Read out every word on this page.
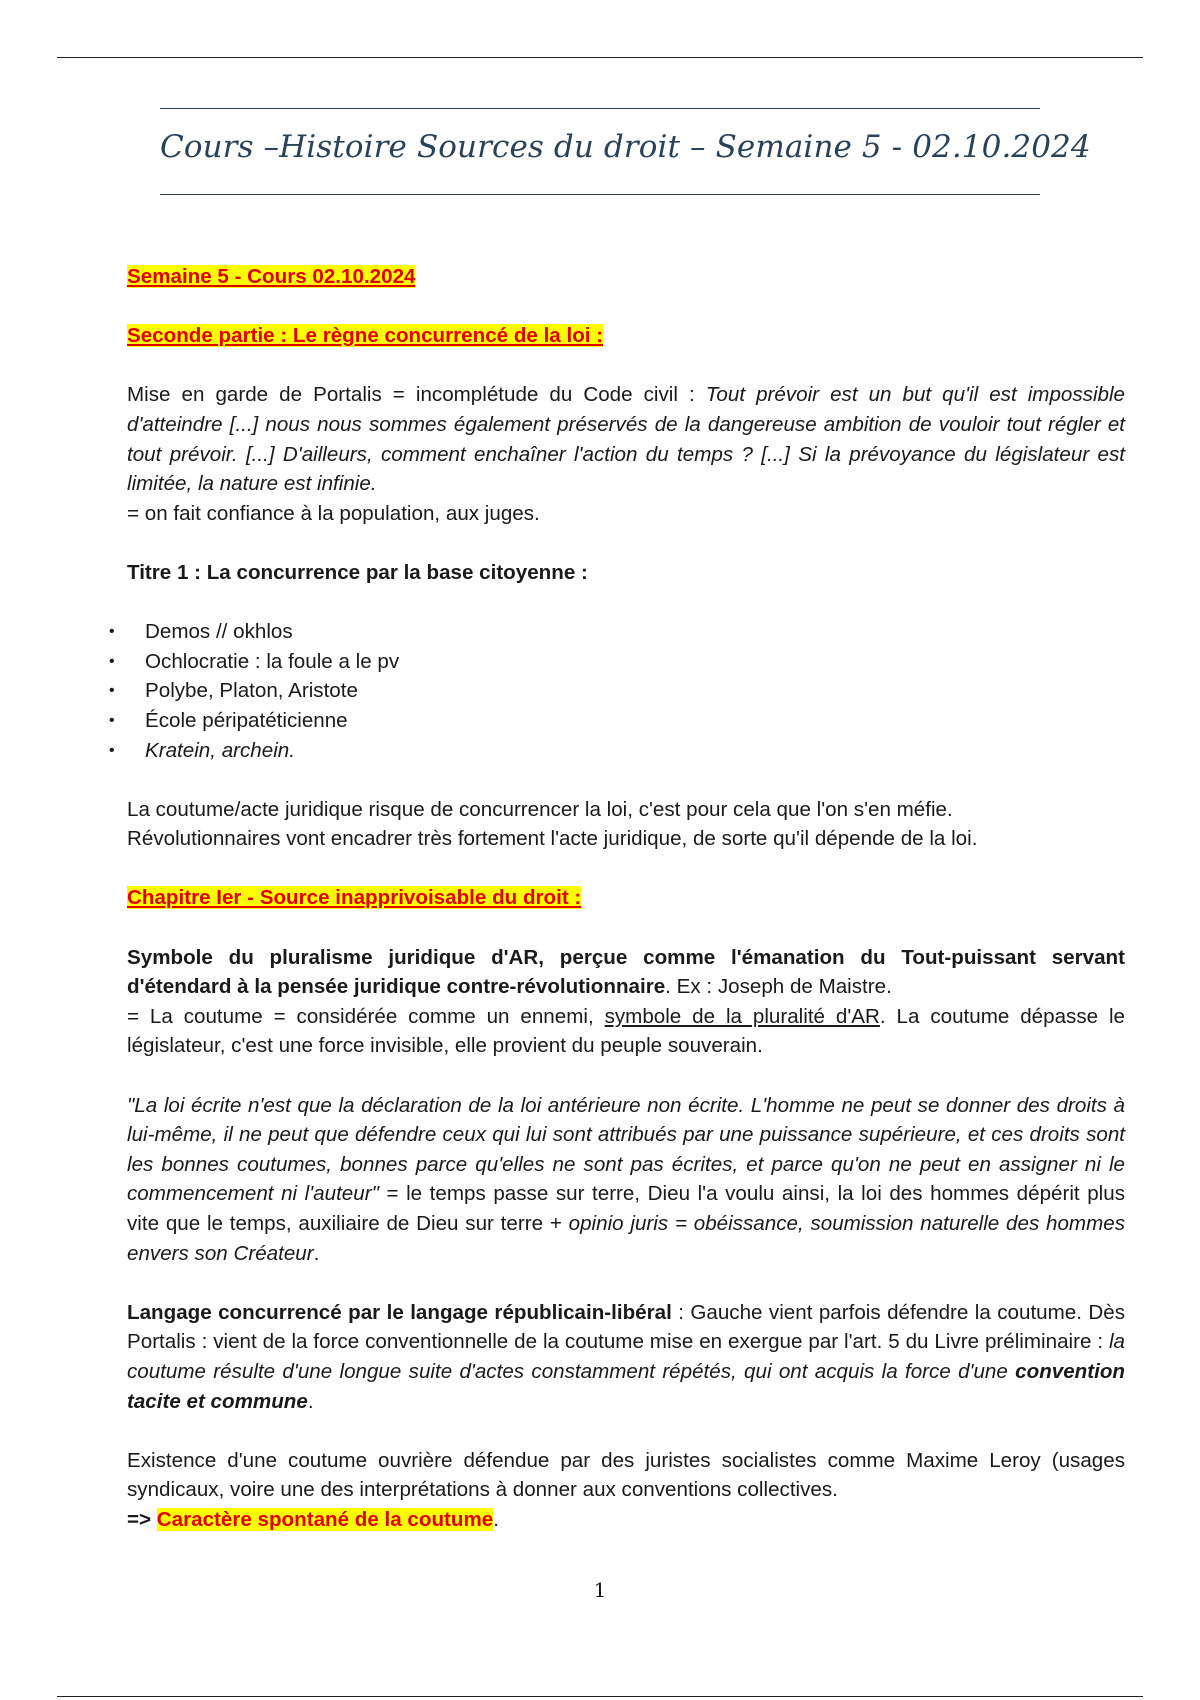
Cours –Histoire Sources du droit – Semaine 5 - 02.10.2024

Semaine 5 - Cours 02.10.2024

Seconde partie : Le règne concurrencé de la loi :

Mise en garde de Portalis = incomplétude du Code civil : Tout prévoir est un but qu'il est impossible d'atteindre [...] nous nous sommes également préservés de la dangereuse ambition de vouloir tout régler et tout prévoir. [...] D'ailleurs, comment enchaîner l'action du temps ? [...] Si la prévoyance du législateur est limitée, la nature est infinie.

= on fait confiance à la population, aux juges.

Titre 1 : La concurrence par la base citoyenne :

• Demos // okhlos
• Ochlocratie : la foule a le pv
• Polybe, Platon, Aristote
• École péripatéticienne
• Kratein, archein.

La coutume/acte juridique risque de concurrencer la loi, c'est pour cela que l'on s'en méfie.

Révolutionnaires vont encadrer très fortement l'acte juridique, de sorte qu'il dépende de la loi.

Chapitre Ier - Source inapprivoisable du droit :

Symbole du pluralisme juridique d'AR, perçue comme l'émanation du Tout-puissant servant d'étendard à la pensée juridique contre-révolutionnaire. Ex : Joseph de Maistre.

= La coutume = considérée comme un ennemi, symbole de la pluralité d'AR. La coutume dépasse le législateur, c'est une force invisible, elle provient du peuple souverain.

"La loi écrite n'est que la déclaration de la loi antérieure non écrite. L'homme ne peut se donner des droits à lui-même, il ne peut que défendre ceux qui lui sont attribués par une puissance supérieure, et ces droits sont les bonnes coutumes, bonnes parce qu'elles ne sont pas écrites, et parce qu'on ne peut en assigner ni le commencement ni l'auteur" = le temps passe sur terre, Dieu l'a voulu ainsi, la loi des hommes dépérit plus vite que le temps, auxiliaire de Dieu sur terre + opinio juris = obéissance, soumission naturelle des hommes envers son Créateur.

Langage concurrencé par le langage républicain-libéral : Gauche vient parfois défendre la coutume. Dès Portalis : vient de la force conventionnelle de la coutume mise en exergue par l'art. 5 du Livre préliminaire : la coutume résulte d'une longue suite d'actes constamment répétés, qui ont acquis la force d'une convention tacite et commune.

Existence d'une coutume ouvrière défendue par des juristes socialistes comme Maxime Leroy (usages syndicaux, voire une des interprétations à donner aux conventions collectives.

=> Caractère spontané de la coutume.

1
